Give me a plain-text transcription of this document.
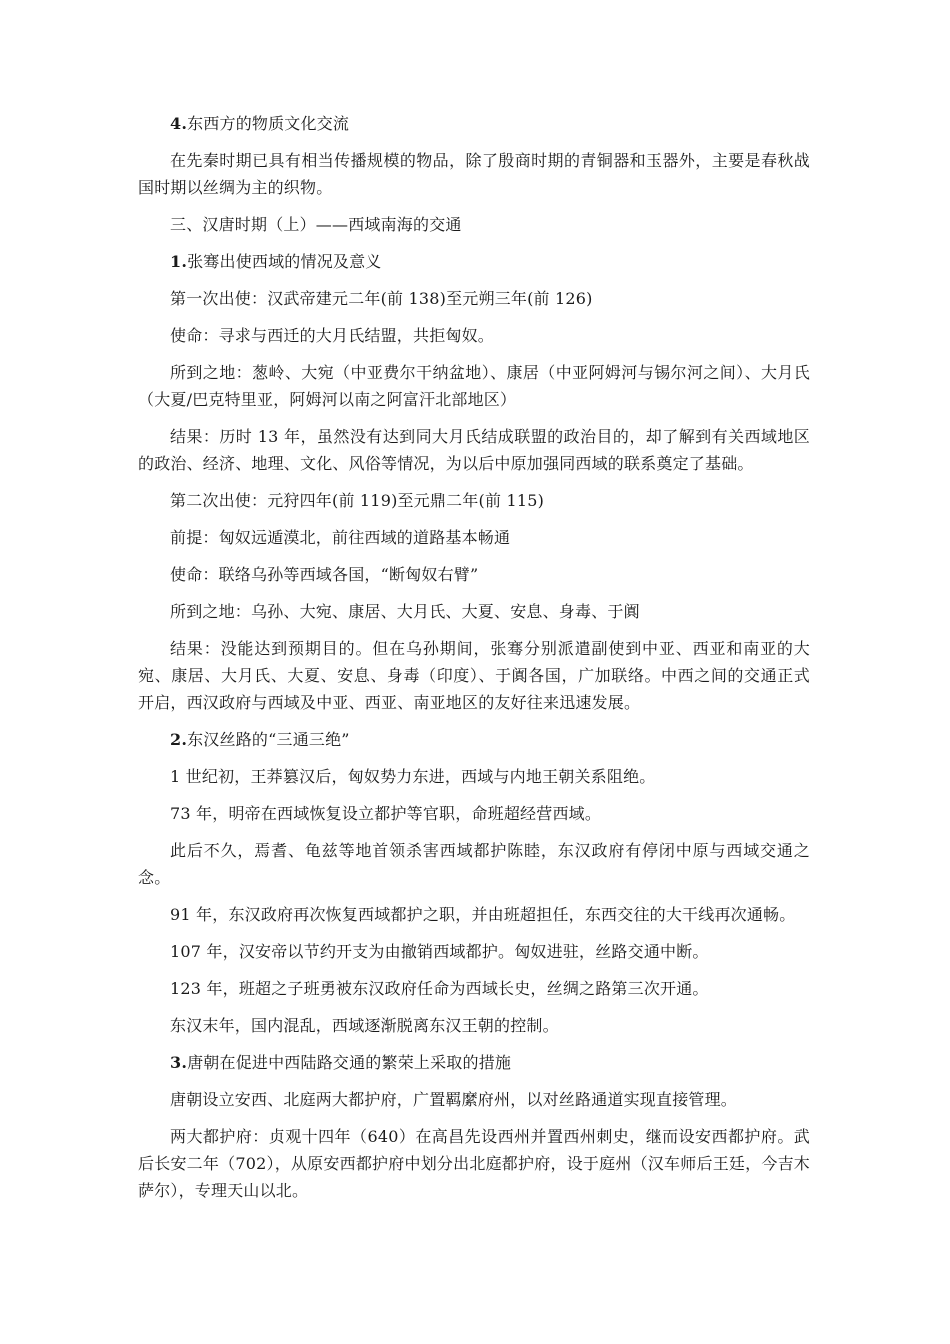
4.东西方的物质文化交流

在先秦时期已具有相当传播规模的物品，除了殷商时期的青铜器和玉器外，主要是春秋战国时期以丝绸为主的织物。

三、汉唐时期（上）——西域南海的交通

1.张骞出使西域的情况及意义

第一次出使：汉武帝建元二年(前 138)至元朔三年(前 126)

使命：寻求与西迁的大月氏结盟，共拒匈奴。

所到之地：葱岭、大宛（中亚费尔干纳盆地）、康居（中亚阿姆河与锡尔河之间）、大月氏（大夏/巴克特里亚，阿姆河以南之阿富汗北部地区）

结果：历时 13 年，虽然没有达到同大月氏结成联盟的政治目的，却了解到有关西域地区的政治、经济、地理、文化、风俗等情况，为以后中原加强同西域的联系奠定了基础。

第二次出使：元狩四年(前 119)至元鼎二年(前 115)

前提：匈奴远遁漠北，前往西域的道路基本畅通

使命：联络乌孙等西域各国，“断匈奴右臂”

所到之地：乌孙、大宛、康居、大月氏、大夏、安息、身毒、于阗

结果：没能达到预期目的。但在乌孙期间，张骞分别派遣副使到中亚、西亚和南亚的大宛、康居、大月氏、大夏、安息、身毒（印度）、于阗各国，广加联络。中西之间的交通正式开启，西汉政府与西域及中亚、西亚、南亚地区的友好往来迅速发展。

2.东汉丝路的“三通三绝”

1 世纪初，王莽篡汉后，匈奴势力东进，西域与内地王朝关系阻绝。

73 年，明帝在西域恢复设立都护等官职，命班超经营西域。

此后不久，焉耆、龟兹等地首领杀害西域都护陈睦，东汉政府有停闭中原与西域交通之念。

91 年，东汉政府再次恢复西域都护之职，并由班超担任，东西交往的大干线再次通畅。

107 年，汉安帝以节约开支为由撤销西域都护。匈奴进驻，丝路交通中断。

123 年，班超之子班勇被东汉政府任命为西域长史，丝绸之路第三次开通。

东汉末年，国内混乱，西域逐渐脱离东汉王朝的控制。

3.唐朝在促进中西陆路交通的繁荣上采取的措施

唐朝设立安西、北庭两大都护府，广置羁縻府州，以对丝路通道实现直接管理。

两大都护府：贞观十四年（640）在高昌先设西州并置西州刺史，继而设安西都护府。武后长安二年（702），从原安西都护府中划分出北庭都护府，设于庭州（汉车师后王廷，今吉木萨尔），专理天山以北。
